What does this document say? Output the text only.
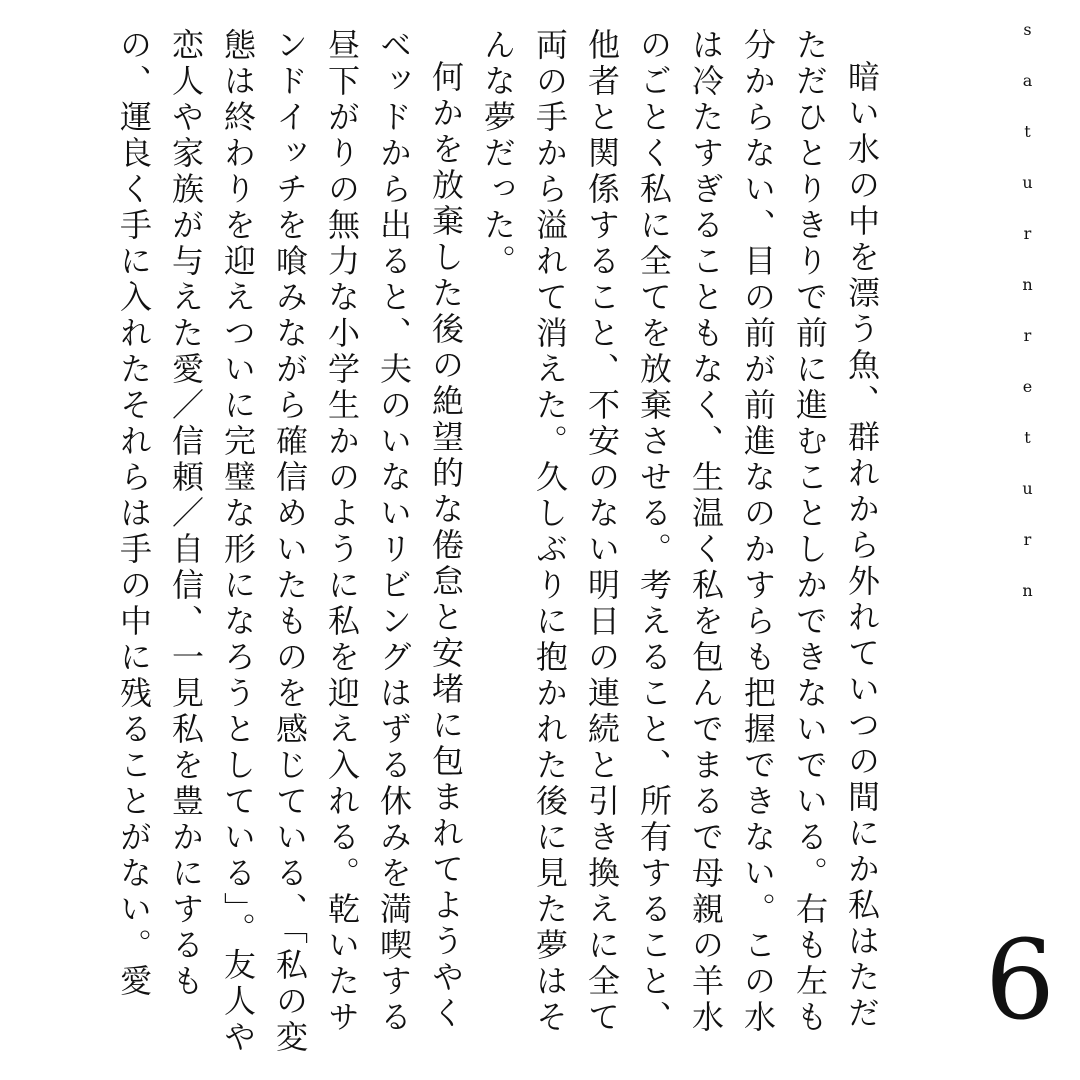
saturnreturn

暗い水の中を漂う魚、群れから外れていつの間にか私はただただひとりきりで前に進むことしかできないでいる。右も左も分からない、目の前が前進なのかすらも把握できない。この水は冷たすぎることもなく、生温く私を包んでまるで母親の羊水のごとく私に全てを放棄させる。考えること、所有すること、他者と関係すること、不安のない明日の連続と引き換えに全て両の手から溢れて消えた。久しぶりに抱かれた後に見た夢はそんな夢だった。

何かを放棄した後の絶望的な倦怠と安堵に包まれてようやくベッドから出ると、夫のいないリビングはずる休みを満喫する昼下がりの無力な小学生かのように私を迎え入れる。乾いたサンドイッチを喰みながら確信めいたものを感じている、「私の変態は終わりを迎えついに完璧な形になろうとしている」。友人や恋人や家族が与えた愛／信頼／自信、一見私を豊かにするもの、運良く手に入れたそれらは手の中に残ることがない。愛	6
